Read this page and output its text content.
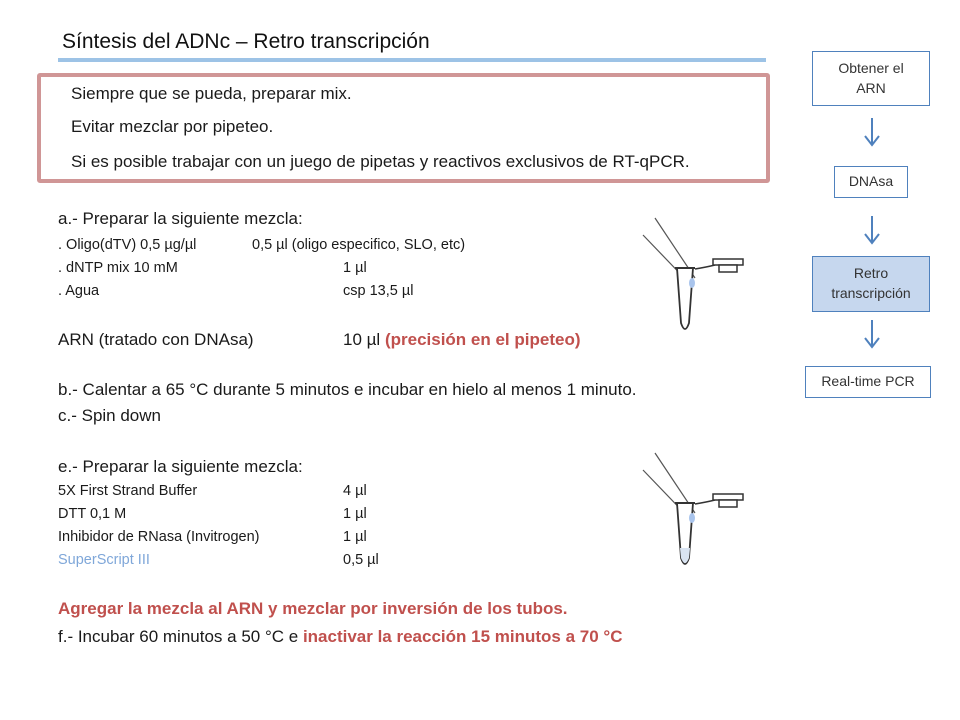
Síntesis del ADNc – Retro transcripción
Siempre que se pueda, preparar mix.
Evitar mezclar por pipeteo.
Si es posible trabajar con un juego de pipetas y reactivos exclusivos de RT-qPCR.
a.- Preparar la siguiente mezcla:
. Oligo(dTV) 0,5 µg/µl	0,5 µl (oligo especifico, SLO, etc)
. dNTP mix 10 mM	1 µl
. Agua	csp 13,5 µl
ARN (tratado con DNAsa)	10 µl (precisión en el pipeteo)
b.- Calentar a 65 °C durante 5 minutos e incubar en hielo al menos 1 minuto.
c.- Spin down
e.- Preparar la siguiente mezcla:
5X First Strand Buffer	4 µl
DTT 0,1 M	1 µl
Inhibidor de RNasa (Invitrogen)	1 µl
SuperScript III	0,5 µl
Agregar la mezcla al ARN y mezclar por inversión de los tubos.
f.- Incubar 60 minutos a 50 °C e inactivar la reacción 15 minutos a 70 °C
Obtener el
ARN
DNAsa
Retro
transcripción
Real-time PCR
